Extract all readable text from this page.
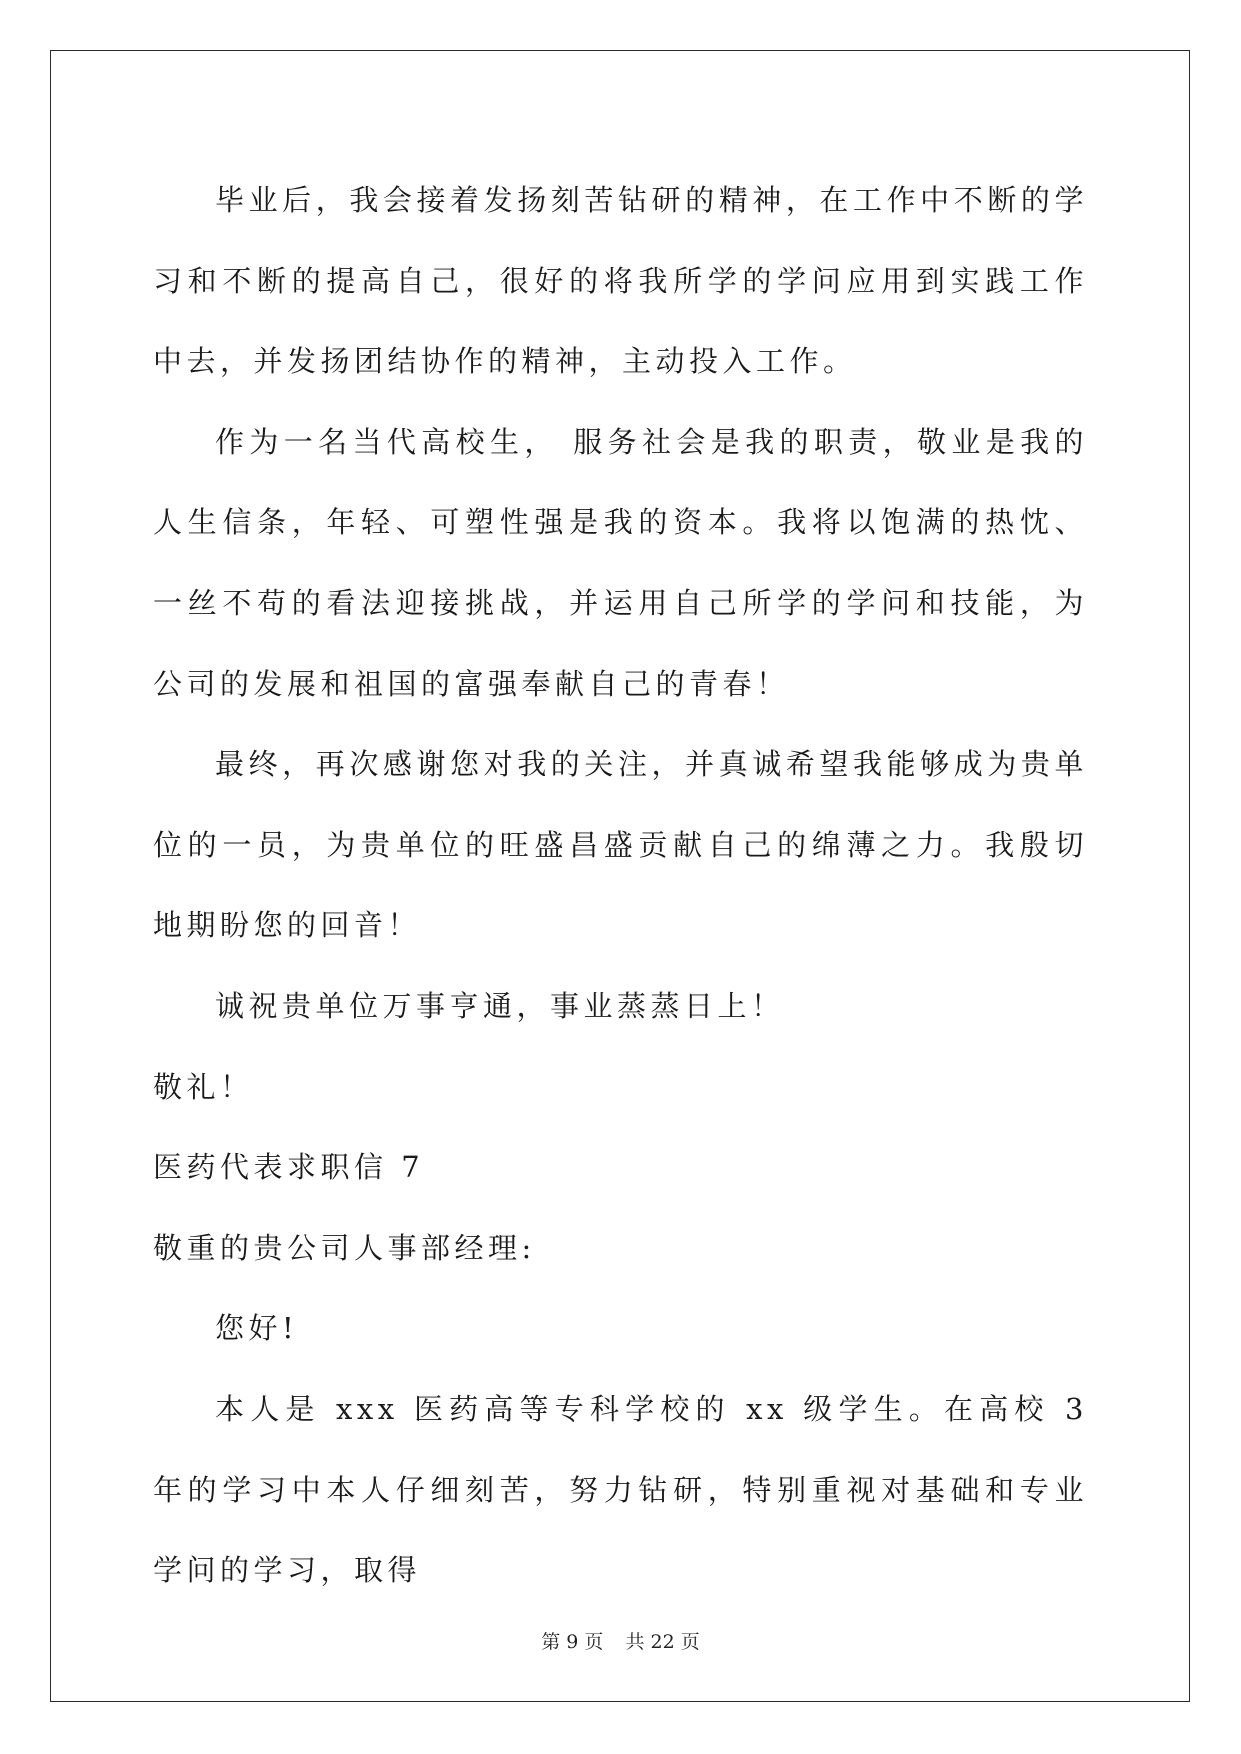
毕业后，我会接着发扬刻苦钻研的精神，在工作中不断的学习和不断的提高自己，很好的将我所学的学问应用到实践工作中去，并发扬团结协作的精神，主动投入工作。

作为一名当代高校生， 服务社会是我的职责，敬业是我的人生信条，年轻、可塑性强是我的资本。我将以饱满的热忱、一丝不苟的看法迎接挑战，并运用自己所学的学问和技能，为公司的发展和祖国的富强奉献自己的青春！

最终，再次感谢您对我的关注，并真诚希望我能够成为贵单位的一员，为贵单位的旺盛昌盛贡献自己的绵薄之力。我殷切地期盼您的回音！

诚祝贵单位万事亨通，事业蒸蒸日上！

敬礼！

医药代表求职信 7

敬重的贵公司人事部经理:

您好!

本人是 xxx 医药高等专科学校的 xx 级学生。在高校 3 年的学习中本人仔细刻苦，努力钻研，特别重视对基础和专业学问的学习，取得

第 9 页 共 22 页
